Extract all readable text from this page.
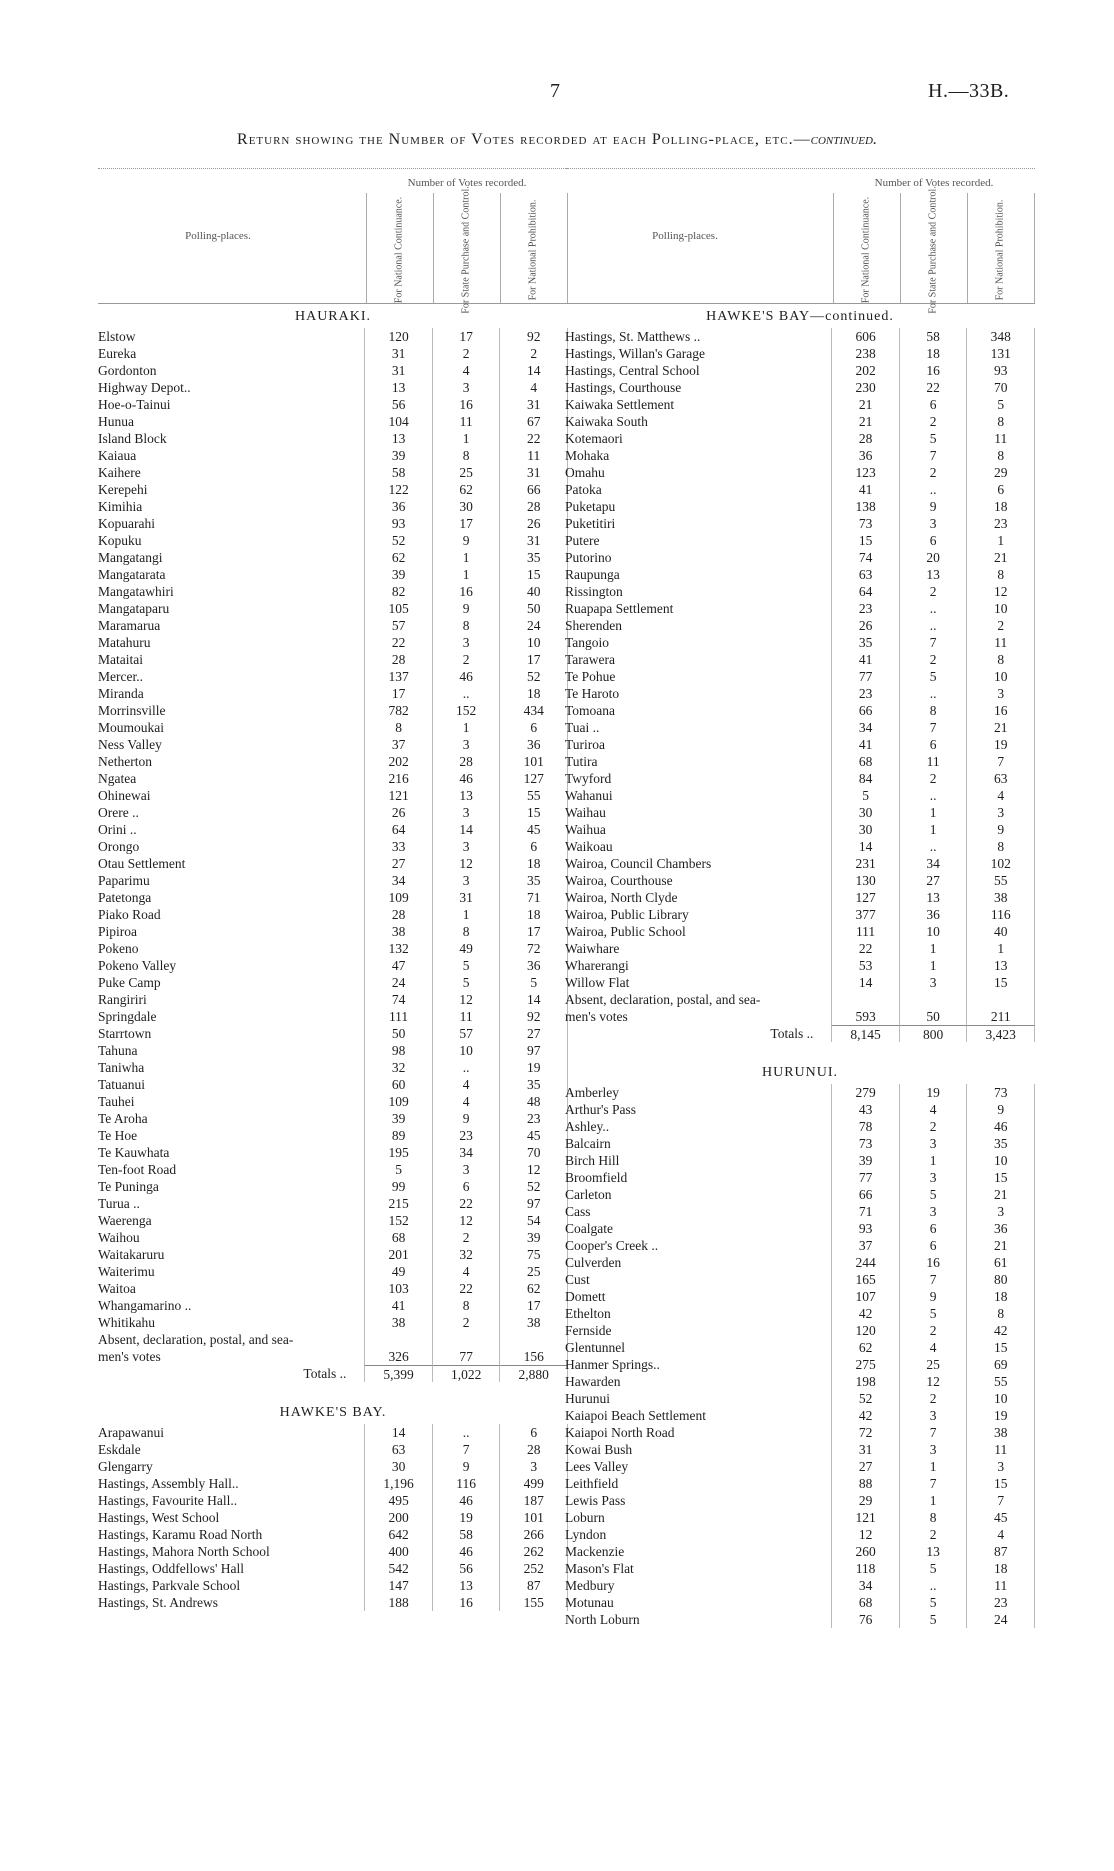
7	H.—33B.
Return showing the Number of Votes recorded at each Polling-place, etc.—continued.
Polling-places.
Number of Votes recorded.
For National Continuance.	For State Purchase and Control.	For National Prohibition.
HAURAKI.
Elstow	120	17	92
Eureka	31	2	2
Gordonton	31	4	14
Highway Depot..	13	3	4
Hoe-o-Tainui	56	16	31
Hunua	104	11	67
Island Block	13	1	22
Kaiaua	39	8	11
Kaihere	58	25	31
Kerepehi	122	62	66
Kimihia	36	30	28
Kopuarahi	93	17	26
Kopuku	52	9	31
Mangatangi	62	1	35
Mangatarata	39	1	15
Mangatawhiri	82	16	40
Mangataparu	105	9	50
Maramarua	57	8	24
Matahuru	22	3	10
Mataitai	28	2	17
Mercer..	137	46	52
Miranda	17	..	18
Morrinsville	782	152	434
Moumoukai	8	1	6
Ness Valley	37	3	36
Netherton	202	28	101
Ngatea	216	46	127
Ohinewai	121	13	55
Orere ..	26	3	15
Orini ..	64	14	45
Orongo	33	3	6
Otau Settlement	27	12	18
Paparimu	34	3	35
Patetonga	109	31	71
Piako Road	28	1	18
Pipiroa	38	8	17
Pokeno	132	49	72
Pokeno Valley	47	5	36
Puke Camp	24	5	5
Rangiriri	74	12	14
Springdale	111	11	92
Starrtown	50	57	27
Tahuna	98	10	97
Taniwha	32	..	19
Tatuanui	60	4	35
Tauhei	109	4	48
Te Aroha	39	9	23
Te Hoe	89	23	45
Te Kauwhata	195	34	70
Ten-foot Road	5	3	12
Te Puninga	99	6	52
Turua ..	215	22	97
Waerenga	152	12	54
Waihou	68	2	39
Waitakaruru	201	32	75
Waiterimu	49	4	25
Waitoa	103	22	62
Whangamarino ..	41	8	17
Whitikahu	38	2	38
Absent, declaration, postal, and sea-
men's votes	326	77	156
Totals ..	5,399	1,022	2,880
HAWKE'S BAY.
Arapawanui	14	..	6
Eskdale	63	7	28
Glengarry	30	9	3
Hastings, Assembly Hall..	1,196	116	499
Hastings, Favourite Hall..	495	46	187
Hastings, West School	200	19	101
Hastings, Karamu Road North	642	58	266
Hastings, Mahora North School	400	46	262
Hastings, Oddfellows' Hall	542	56	252
Hastings, Parkvale School	147	13	87
Hastings, St. Andrews	188	16	155
Polling-places.
Number of Votes recorded.
For National Continuance.	For State Purchase and Control.	For National Prohibition.
HAWKE'S BAY—continued.
Hastings, St. Matthews ..	606	58	348
Hastings, Willan's Garage	238	18	131
Hastings, Central School	202	16	93
Hastings, Courthouse	230	22	70
Kaiwaka Settlement	21	6	5
Kaiwaka South	21	2	8
Kotemaori	28	5	11
Mohaka	36	7	8
Omahu	123	2	29
Patoka	41	..	6
Puketapu	138	9	18
Puketitiri	73	3	23
Putere	15	6	1
Putorino	74	20	21
Raupunga	63	13	8
Rissington	64	2	12
Ruapapa Settlement	23	..	10
Sherenden	26	..	2
Tangoio	35	7	11
Tarawera	41	2	8
Te Pohue	77	5	10
Te Haroto	23	..	3
Tomoana	66	8	16
Tuai ..	34	7	21
Turiroa	41	6	19
Tutira	68	11	7
Twyford	84	2	63
Wahanui	5	..	4
Waihau	30	1	3
Waihua	30	1	9
Waikoau	14	..	8
Wairoa, Council Chambers	231	34	102
Wairoa, Courthouse	130	27	55
Wairoa, North Clyde	127	13	38
Wairoa, Public Library	377	36	116
Wairoa, Public School	111	10	40
Waiwhare	22	1	1
Wharerangi	53	1	13
Willow Flat	14	3	15
Absent, declaration, postal, and sea-
men's votes	593	50	211
Totals ..	8,145	800	3,423
HURUNUI.
Amberley	279	19	73
Arthur's Pass	43	4	9
Ashley..	78	2	46
Balcairn	73	3	35
Birch Hill	39	1	10
Broomfield	77	3	15
Carleton	66	5	21
Cass	71	3	3
Coalgate	93	6	36
Cooper's Creek ..	37	6	21
Culverden	244	16	61
Cust	165	7	80
Domett	107	9	18
Ethelton	42	5	8
Fernside	120	2	42
Glentunnel	62	4	15
Hanmer Springs..	275	25	69
Hawarden	198	12	55
Hurunui	52	2	10
Kaiapoi Beach Settlement	42	3	19
Kaiapoi North Road	72	7	38
Kowai Bush	31	3	11
Lees Valley	27	1	3
Leithfield	88	7	15
Lewis Pass	29	1	7
Loburn	121	8	45
Lyndon	12	2	4
Mackenzie	260	13	87
Mason's Flat	118	5	18
Medbury	34	..	11
Motunau	68	5	23
North Loburn	76	5	24
